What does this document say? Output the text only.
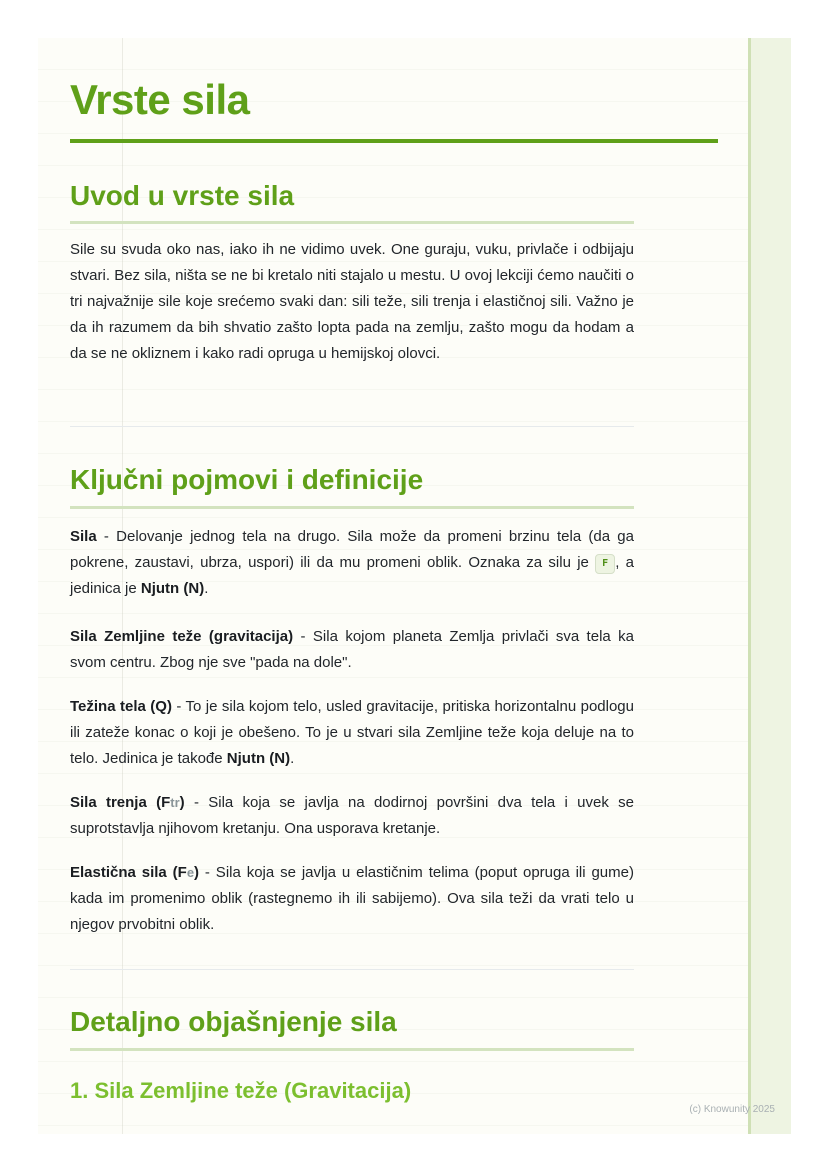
Vrste sila
Uvod u vrste sila

Sile su svuda oko nas, iako ih ne vidimo uvek. One guraju, vuku, privlače i odbijaju stvari. Bez sila, ništa se ne bi kretalo niti stajalo u mestu. U ovoj lekciji ćemo naučiti o tri najvažnije sile koje srećemo svaki dan: sili teže, sili trenja i elastičnoj sili. Važno je da ih razumem da bih shvatio zašto lopta pada na zemlju, zašto mogu da hodam a da se ne okliznem i kako radi opruga u hemijskoj olovci.

Ključni pojmovi i definicije

Sila - Delovanje jednog tela na drugo. Sila može da promeni brzinu tela (da ga pokrene, zaustavi, ubrza, uspori) ili da mu promeni oblik. Oznaka za silu je F , a jedinica je Njutn (N).

Sila Zemljine teže (gravitacija) - Sila kojom planeta Zemlja privlači sva tela ka svom centru. Zbog nje sve "pada na dole".

Težina tela (Q) - To je sila kojom telo, usled gravitacije, pritiska horizontalnu podlogu ili zateže konac o koji je obešeno. To je u stvari sila Zemljine teže koja deluje na to telo. Jedinica je takođe Njutn (N).

Sila trenja (Ftr) - Sila koja se javlja na dodirnoj površini dva tela i uvek se suprotstavlja njihovom kretanju. Ona usporava kretanje.

Elastična sila (Fe) - Sila koja se javlja u elastičnim telima (poput opruga ili gume) kada im promenimo oblik (rastegnemo ih ili sabijemo). Ova sila teži da vrati telo u njegov prvobitni oblik.

Detaljno objašnjenje sila
1. Sila Zemljine teže (Gravitacija)
(c) Knowunity 2025
